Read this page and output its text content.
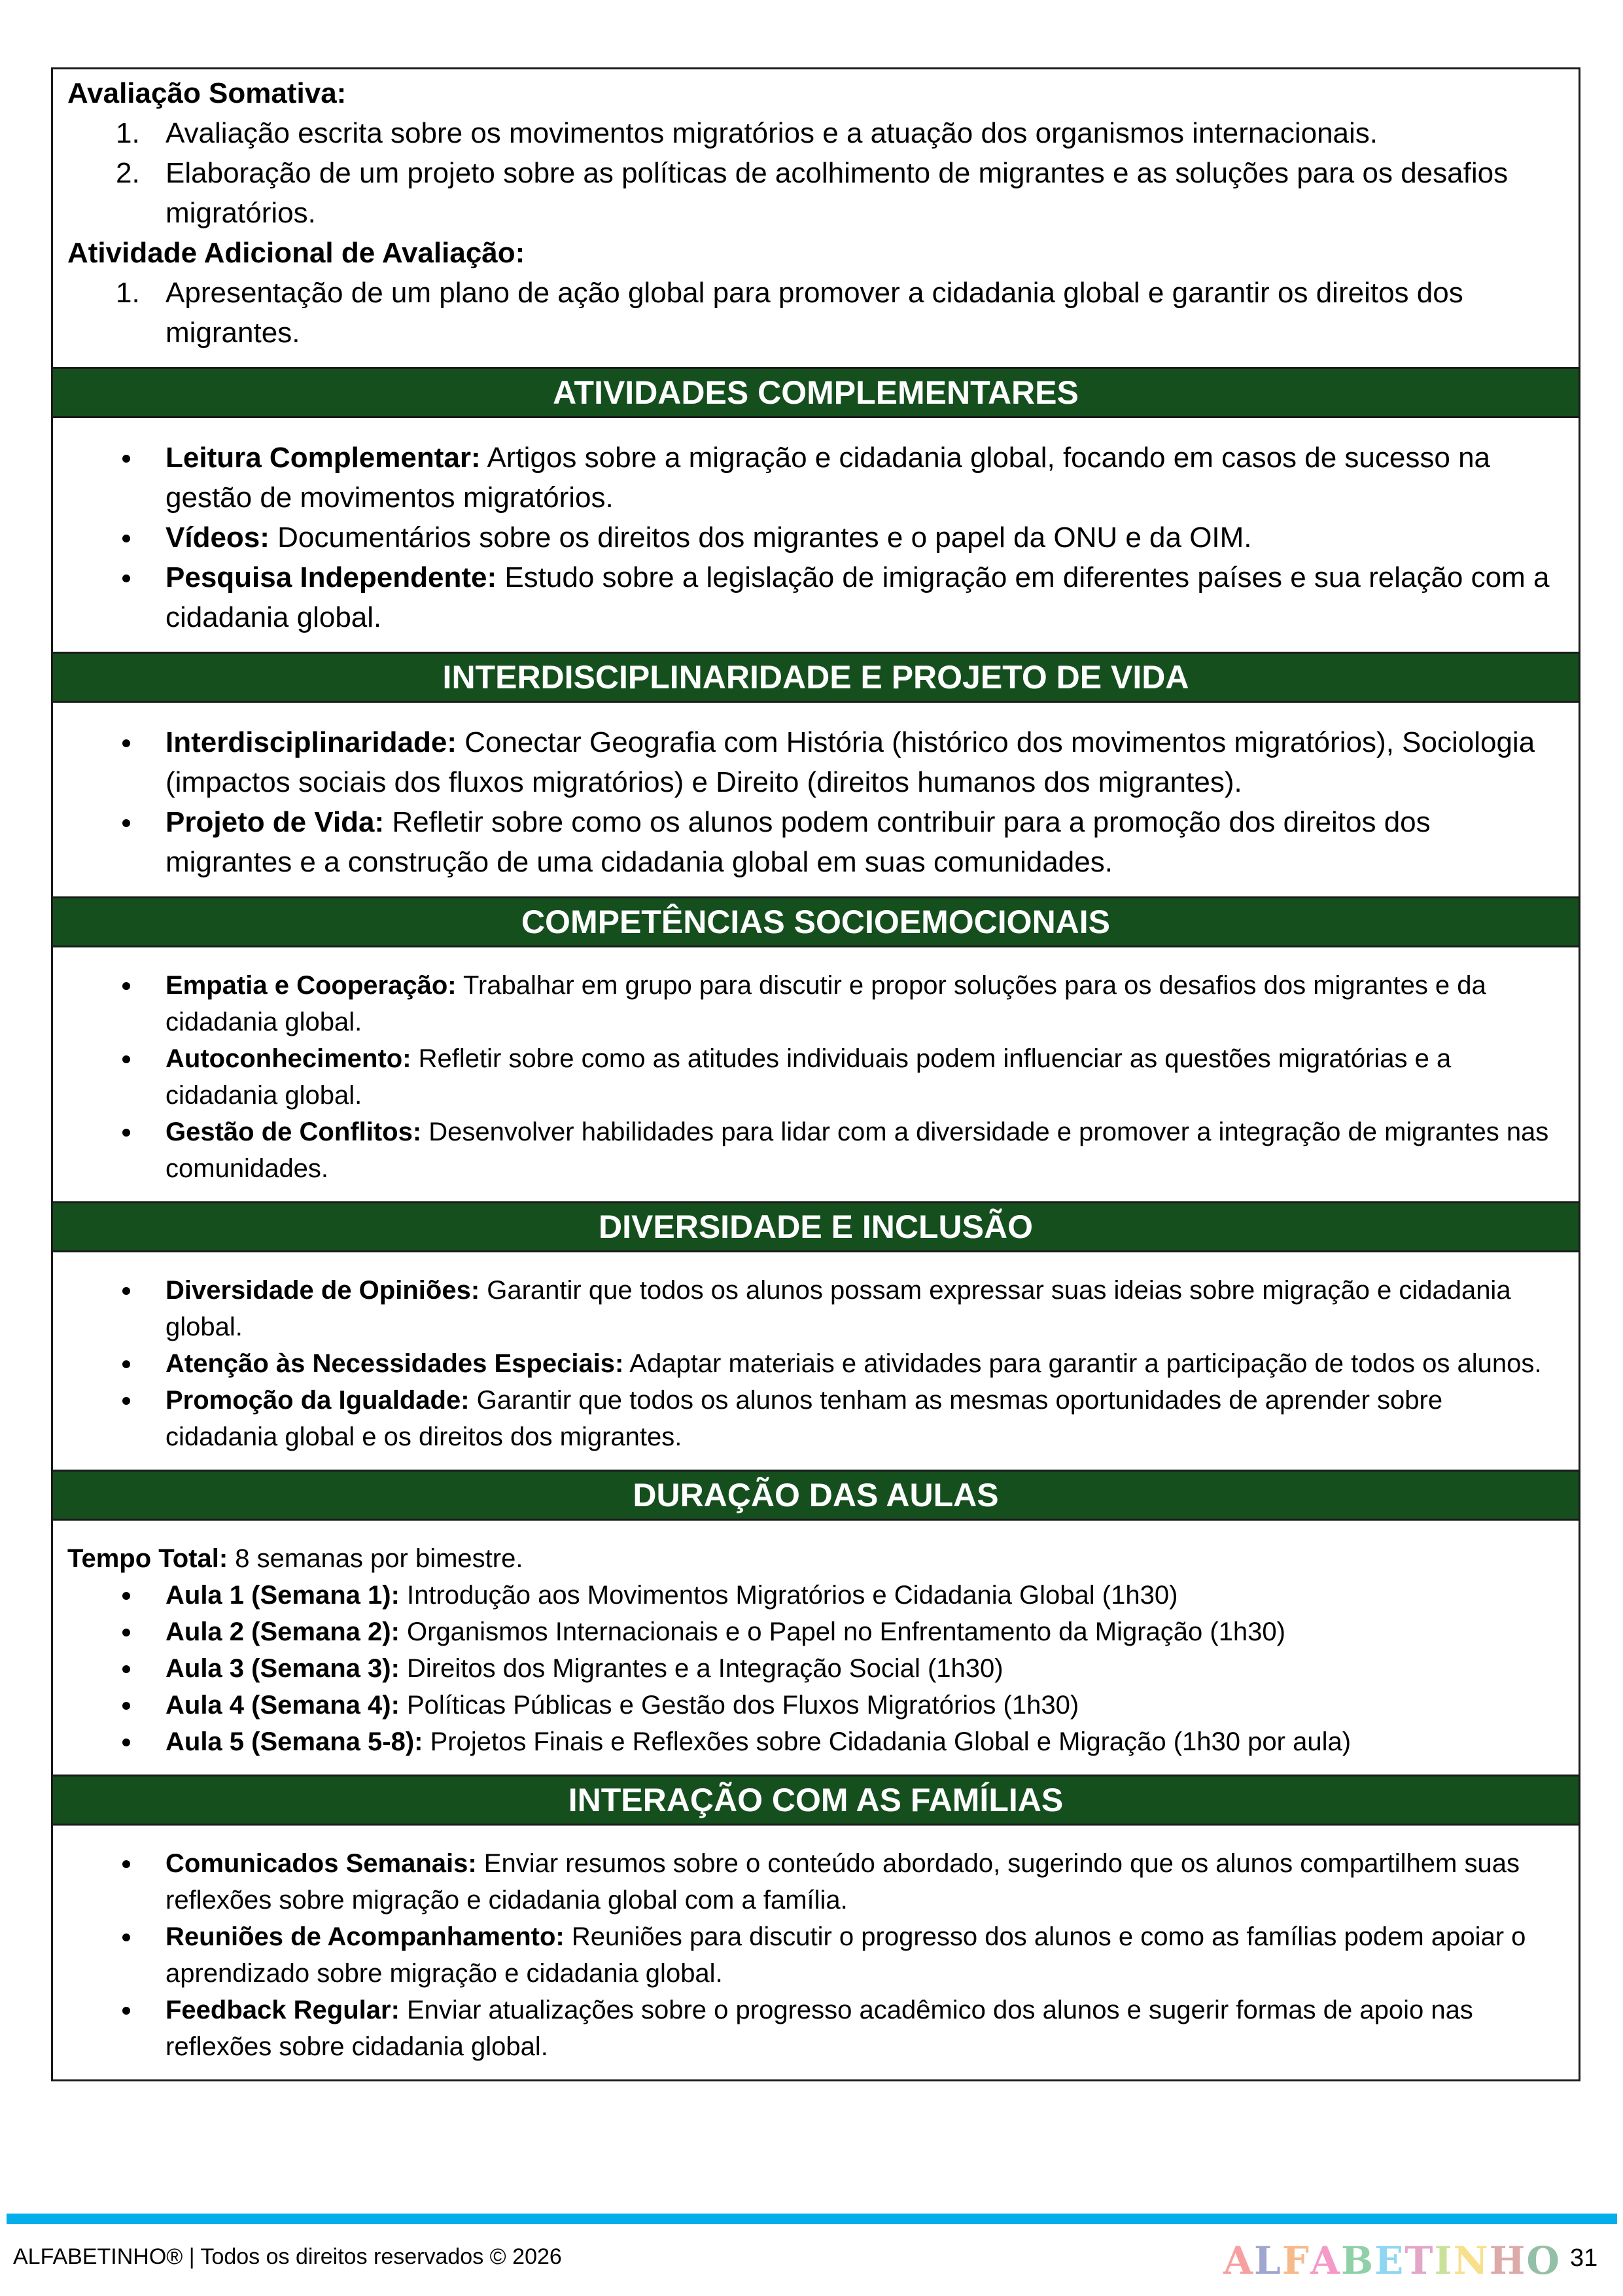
Avaliação Somativa:
1. Avaliação escrita sobre os movimentos migratórios e a atuação dos organismos internacionais.
2. Elaboração de um projeto sobre as políticas de acolhimento de migrantes e as soluções para os desafios migratórios.
Atividade Adicional de Avaliação:
1. Apresentação de um plano de ação global para promover a cidadania global e garantir os direitos dos migrantes.
ATIVIDADES COMPLEMENTARES
Leitura Complementar: Artigos sobre a migração e cidadania global, focando em casos de sucesso na gestão de movimentos migratórios.
Vídeos: Documentários sobre os direitos dos migrantes e o papel da ONU e da OIM.
Pesquisa Independente: Estudo sobre a legislação de imigração em diferentes países e sua relação com a cidadania global.
INTERDISCIPLINARIDADE E PROJETO DE VIDA
Interdisciplinaridade: Conectar Geografia com História (histórico dos movimentos migratórios), Sociologia (impactos sociais dos fluxos migratórios) e Direito (direitos humanos dos migrantes).
Projeto de Vida: Refletir sobre como os alunos podem contribuir para a promoção dos direitos dos migrantes e a construção de uma cidadania global em suas comunidades.
COMPETÊNCIAS SOCIOEMOCIONAIS
Empatia e Cooperação: Trabalhar em grupo para discutir e propor soluções para os desafios dos migrantes e da cidadania global.
Autoconhecimento: Refletir sobre como as atitudes individuais podem influenciar as questões migratórias e a cidadania global.
Gestão de Conflitos: Desenvolver habilidades para lidar com a diversidade e promover a integração de migrantes nas comunidades.
DIVERSIDADE E INCLUSÃO
Diversidade de Opiniões: Garantir que todos os alunos possam expressar suas ideias sobre migração e cidadania global.
Atenção às Necessidades Especiais: Adaptar materiais e atividades para garantir a participação de todos os alunos.
Promoção da Igualdade: Garantir que todos os alunos tenham as mesmas oportunidades de aprender sobre cidadania global e os direitos dos migrantes.
DURAÇÃO DAS AULAS
Tempo Total: 8 semanas por bimestre.
Aula 1 (Semana 1): Introdução aos Movimentos Migratórios e Cidadania Global (1h30)
Aula 2 (Semana 2): Organismos Internacionais e o Papel no Enfrentamento da Migração (1h30)
Aula 3 (Semana 3): Direitos dos Migrantes e a Integração Social (1h30)
Aula 4 (Semana 4): Políticas Públicas e Gestão dos Fluxos Migratórios (1h30)
Aula 5 (Semana 5-8): Projetos Finais e Reflexões sobre Cidadania Global e Migração (1h30 por aula)
INTERAÇÃO COM AS FAMÍLIAS
Comunicados Semanais: Enviar resumos sobre o conteúdo abordado, sugerindo que os alunos compartilhem suas reflexões sobre migração e cidadania global com a família.
Reuniões de Acompanhamento: Reuniões para discutir o progresso dos alunos e como as famílias podem apoiar o aprendizado sobre migração e cidadania global.
Feedback Regular: Enviar atualizações sobre o progresso acadêmico dos alunos e sugerir formas de apoio nas reflexões sobre cidadania global.
ALFABETINHO® | Todos os direitos reservados © 2026	ALFABETINHO 31
